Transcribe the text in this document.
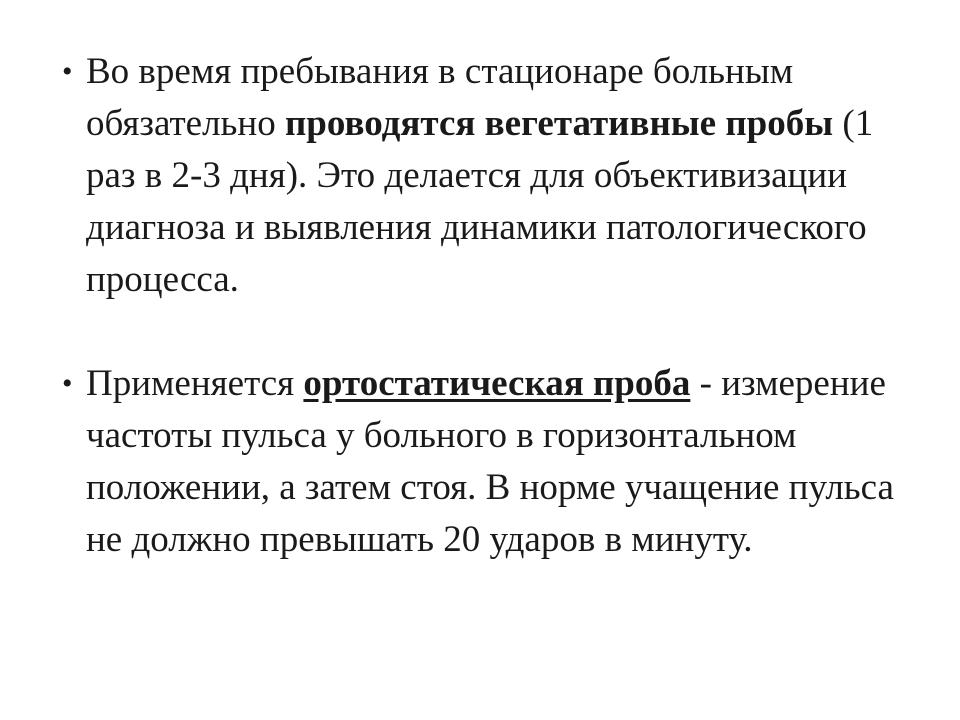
• Во время пребывания в стационаре больным обязательно проводятся вегетативные пробы (1 раз в 2-3 дня). Это делается для объективизации диагноза и выявления динамики патологического процесса.
• Применяется ортостатическая проба - измерение частоты пульса у больного в горизонтальном положении, а затем стоя. В норме учащение пульса не должно превышать 20 ударов в минуту.
